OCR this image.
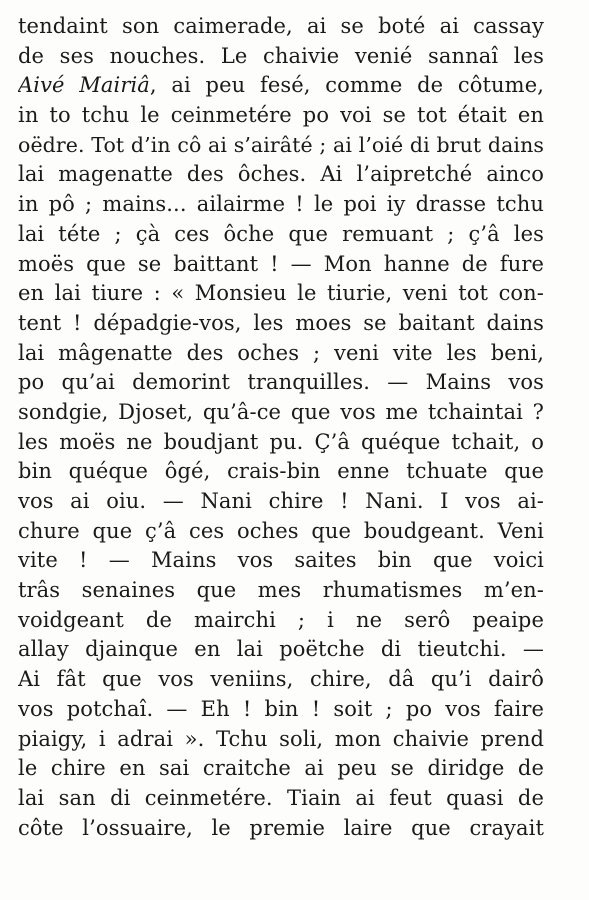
tendaint son caimerade, ai se boté ai cassay
de ses nouches. Le chaivie venié sannaî les
Aivé Mairiâ, ai peu fesé, comme de côtume,
in to tchu le ceinmetére po voi se tot était en
oëdre. Tot d’in cô ai s’airâté ; ai l’oié di brut dains
lai magenatte des ôches. Ai l’aipretché ainco
in pô ; mains... ailairme ! le poi iy drasse tchu
lai téte ; çà ces ôche que remuant ; ç’â les
moës que se baittant ! — Mon hanne de fure
en lai tiure : « Monsieu le tiurie, veni tot con-
tent ! dépadgie-vos, les moes se baitant dains
lai mâgenatte des oches ; veni vite les beni,
po qu’ai demorint tranquilles. — Mains vos
sondgie, Djoset, qu’â-ce que vos me tchaintai ?
les moës ne boudjant pu. Ç’â quéque tchait, o
bin quéque ôgé, crais-bin enne tchuate que
vos ai oiu. — Nani chire ! Nani. I vos ai-
chure que ç’â ces oches que boudgeant. Veni
vite ! — Mains vos saites bin que voici
trâs senaines que mes rhumatismes m’en-
voidgeant de mairchi ; i ne serô peaipe
allay djainque en lai poëtche di tieutchi. —
Ai fât que vos veniins, chire, dâ qu’i dairô
vos potchaî. — Eh ! bin ! soit ; po vos faire
piaigy, i adrai ». Tchu soli, mon chaivie prend
le chire en sai craitche ai peu se diridge de
lai san di ceinmetére. Tiain ai feut quasi de
côte l’ossuaire, le premie laire que crayait
